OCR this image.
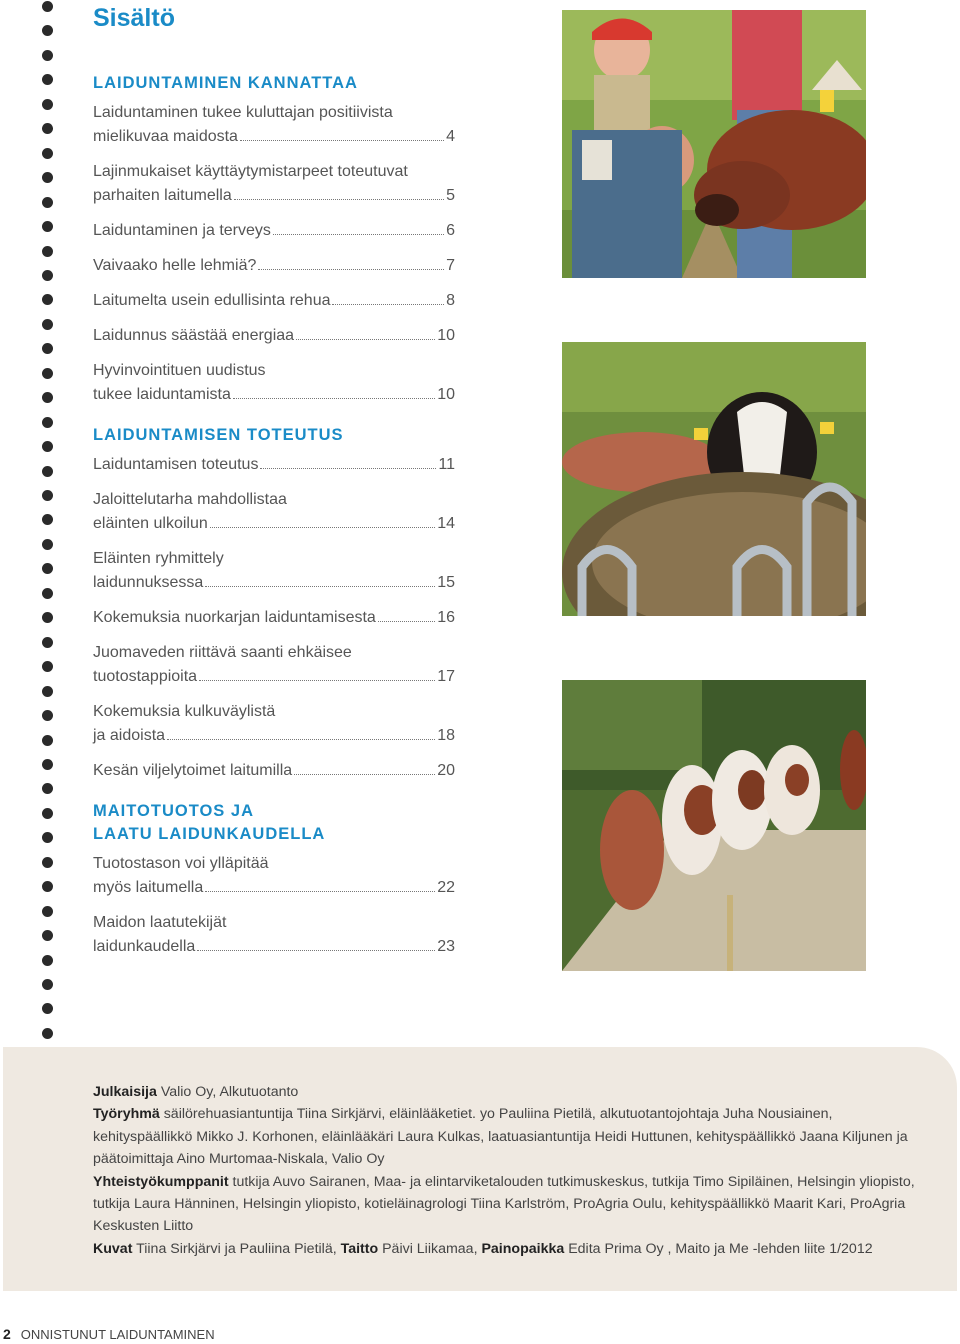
Sisältö
LAIDUNTAMINEN KANNATTAA
Laiduntaminen tukee kuluttajan positiivista
mielikuvaa maidosta	4
Lajinmukaiset käyttäytymistarpeet toteutuvat
parhaiten laitumella	5
Laiduntaminen ja terveys	6
Vaivaako helle lehmiä?	7
Laitumelta usein edullisinta rehua	8
Laidunnus säästää energiaa	10
Hyvinvointituen uudistus
tukee laiduntamista	10
LAIDUNTAMISEN TOTEUTUS
Laiduntamisen toteutus	11
Jaloittelutarha mahdollistaa
eläinten ulkoilun	14
Eläinten ryhmittely
laidunnuksessa	15
Kokemuksia nuorkarjan laiduntamisesta	16
Juomaveden riittävä saanti ehkäisee
tuotostappioita	17
Kokemuksia kulkuväylistä
ja aidoista	18
Kesän viljelytoimet laitumilla	20
MAITOTUOTOS JA
LAATU LAIDUNKAUDELLA
Tuotostason voi ylläpitää
myös laitumella	22
Maidon laatutekijät
laidunkaudella	23
Julkaisija Valio Oy, Alkutuotanto
Työryhmä säilörehuasiantuntija Tiina Sirkjärvi, eläinlääketiet. yo Pauliina Pietilä, alkutuotantojohtaja Juha Nousiainen, kehityspäällikkö Mikko J. Korhonen, eläinlääkäri Laura Kulkas, laatuasiantuntija Heidi Huttunen, kehityspäällikkö Jaana Kiljunen ja päätoimittaja Aino Murtomaa-Niskala, Valio Oy
Yhteistyökumppanit tutkija Auvo Sairanen, Maa- ja elintarviketalouden tutkimuskeskus, tutkija Timo Sipiläinen, Helsingin yliopisto, tutkija Laura Hänninen, Helsingin yliopisto, kotieläinagrologi Tiina Karlström, ProAgria Oulu, kehityspäällikkö Maarit Kari, ProAgria Keskusten Liitto
Kuvat Tiina Sirkjärvi ja Pauliina Pietilä, Taitto Päivi Liikamaa, Painopaikka Edita Prima Oy , Maito ja Me -lehden liite 1/2012
2 ONNISTUNUT LAIDUNTAMINEN
